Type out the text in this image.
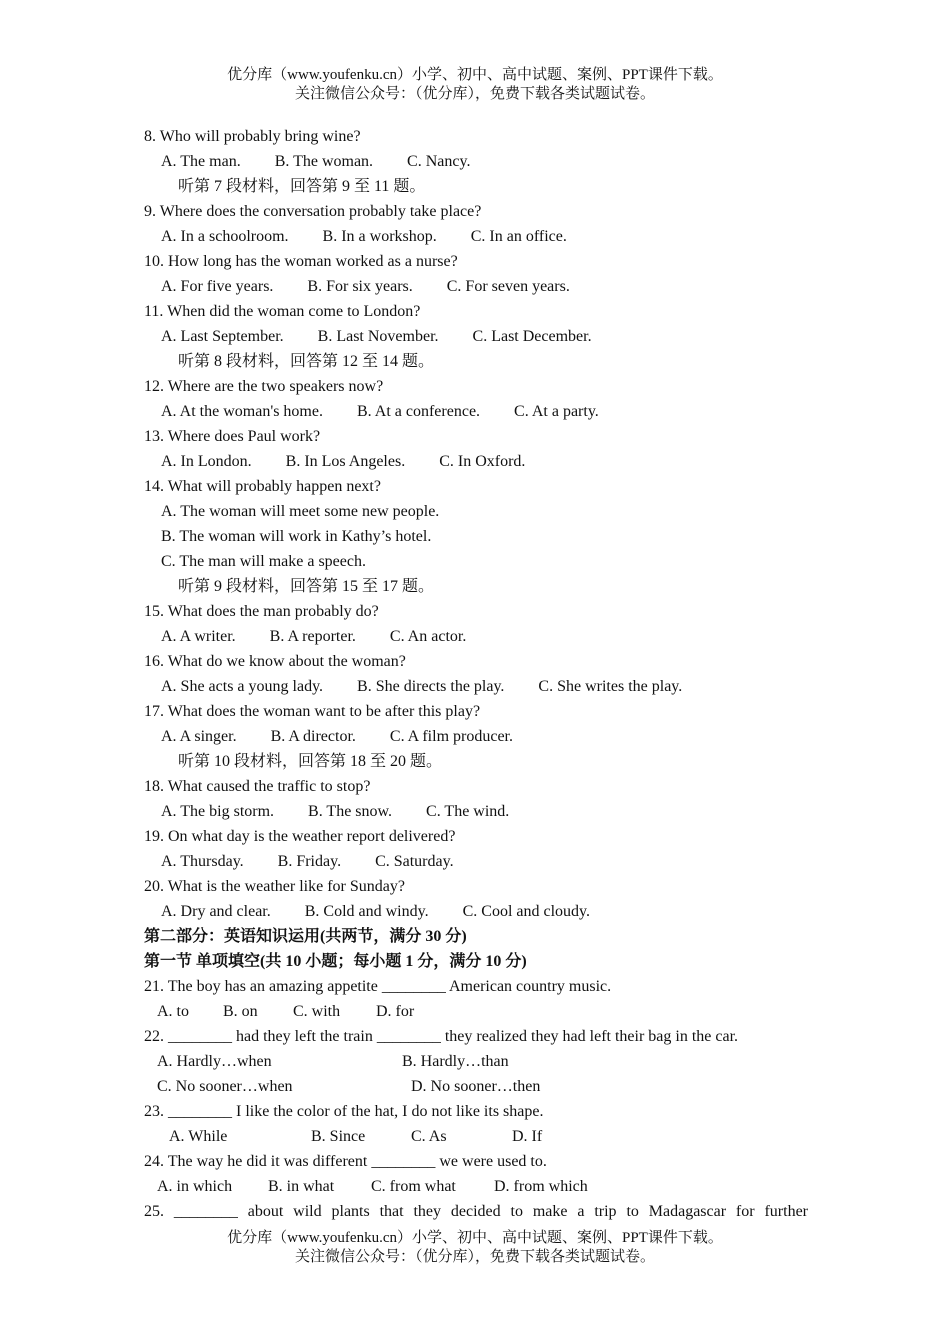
优分库（www.youfenku.cn）小学、初中、高中试题、案例、PPT课件下载。
关注微信公众号：（优分库），免费下载各类试题试卷。
8. Who will probably bring wine?
A. The man. B. The woman. C. Nancy.
听第 7 段材料，回答第 9 至 11 题。
9. Where does the conversation probably take place?
A. In a schoolroom. B. In a workshop. C. In an office.
10. How long has the woman worked as a nurse?
A. For five years. B. For six years. C. For seven years.
11. When did the woman come to London?
A. Last September. B. Last November. C. Last December.
听第 8 段材料，回答第 12 至 14 题。
12. Where are the two speakers now?
A. At the woman's home. B. At a conference. C. At a party.
13. Where does Paul work?
A. In London. B. In Los Angeles. C. In Oxford.
14. What will probably happen next?
A. The woman will meet some new people.
B. The woman will work in Kathy’s hotel.
C. The man will make a speech.
听第 9 段材料，回答第 15 至 17 题。
15. What does the man probably do?
A. A writer. B. A reporter. C. An actor.
16. What do we know about the woman?
A. She acts a young lady. B. She directs the play. C. She writes the play.
17. What does the woman want to be after this play?
A. A singer. B. A director. C. A film producer.
听第 10 段材料，回答第 18 至 20 题。
18. What caused the traffic to stop?
A. The big storm. B. The snow. C. The wind.
19. On what day is the weather report delivered?
A. Thursday. B. Friday. C. Saturday.
20. What is the weather like for Sunday?
A. Dry and clear. B. Cold and windy. C. Cool and cloudy.
第二部分：英语知识运用(共两节，满分 30 分)
第一节 单项填空(共 10 小题；每小题 1 分，满分 10 分)
21. The boy has an amazing appetite ________ American country music.
A. to B. on C. with D. for
22. ________ had they left the train ________ they realized they had left their bag in the car.
A. Hardly…when	B. Hardly…than
C. No sooner…when	D. No sooner…then
23. ________ I like the color of the hat, I do not like its shape.
A. While	B. Since	C. As	D. If
24. The way he did it was different ________ we were used to.
A. in which B. in what C. from what D. from which
25. ________ about wild plants that they decided to make a trip to Madagascar for further
优分库（www.youfenku.cn）小学、初中、高中试题、案例、PPT课件下载。
关注微信公众号：（优分库），免费下载各类试题试卷。
